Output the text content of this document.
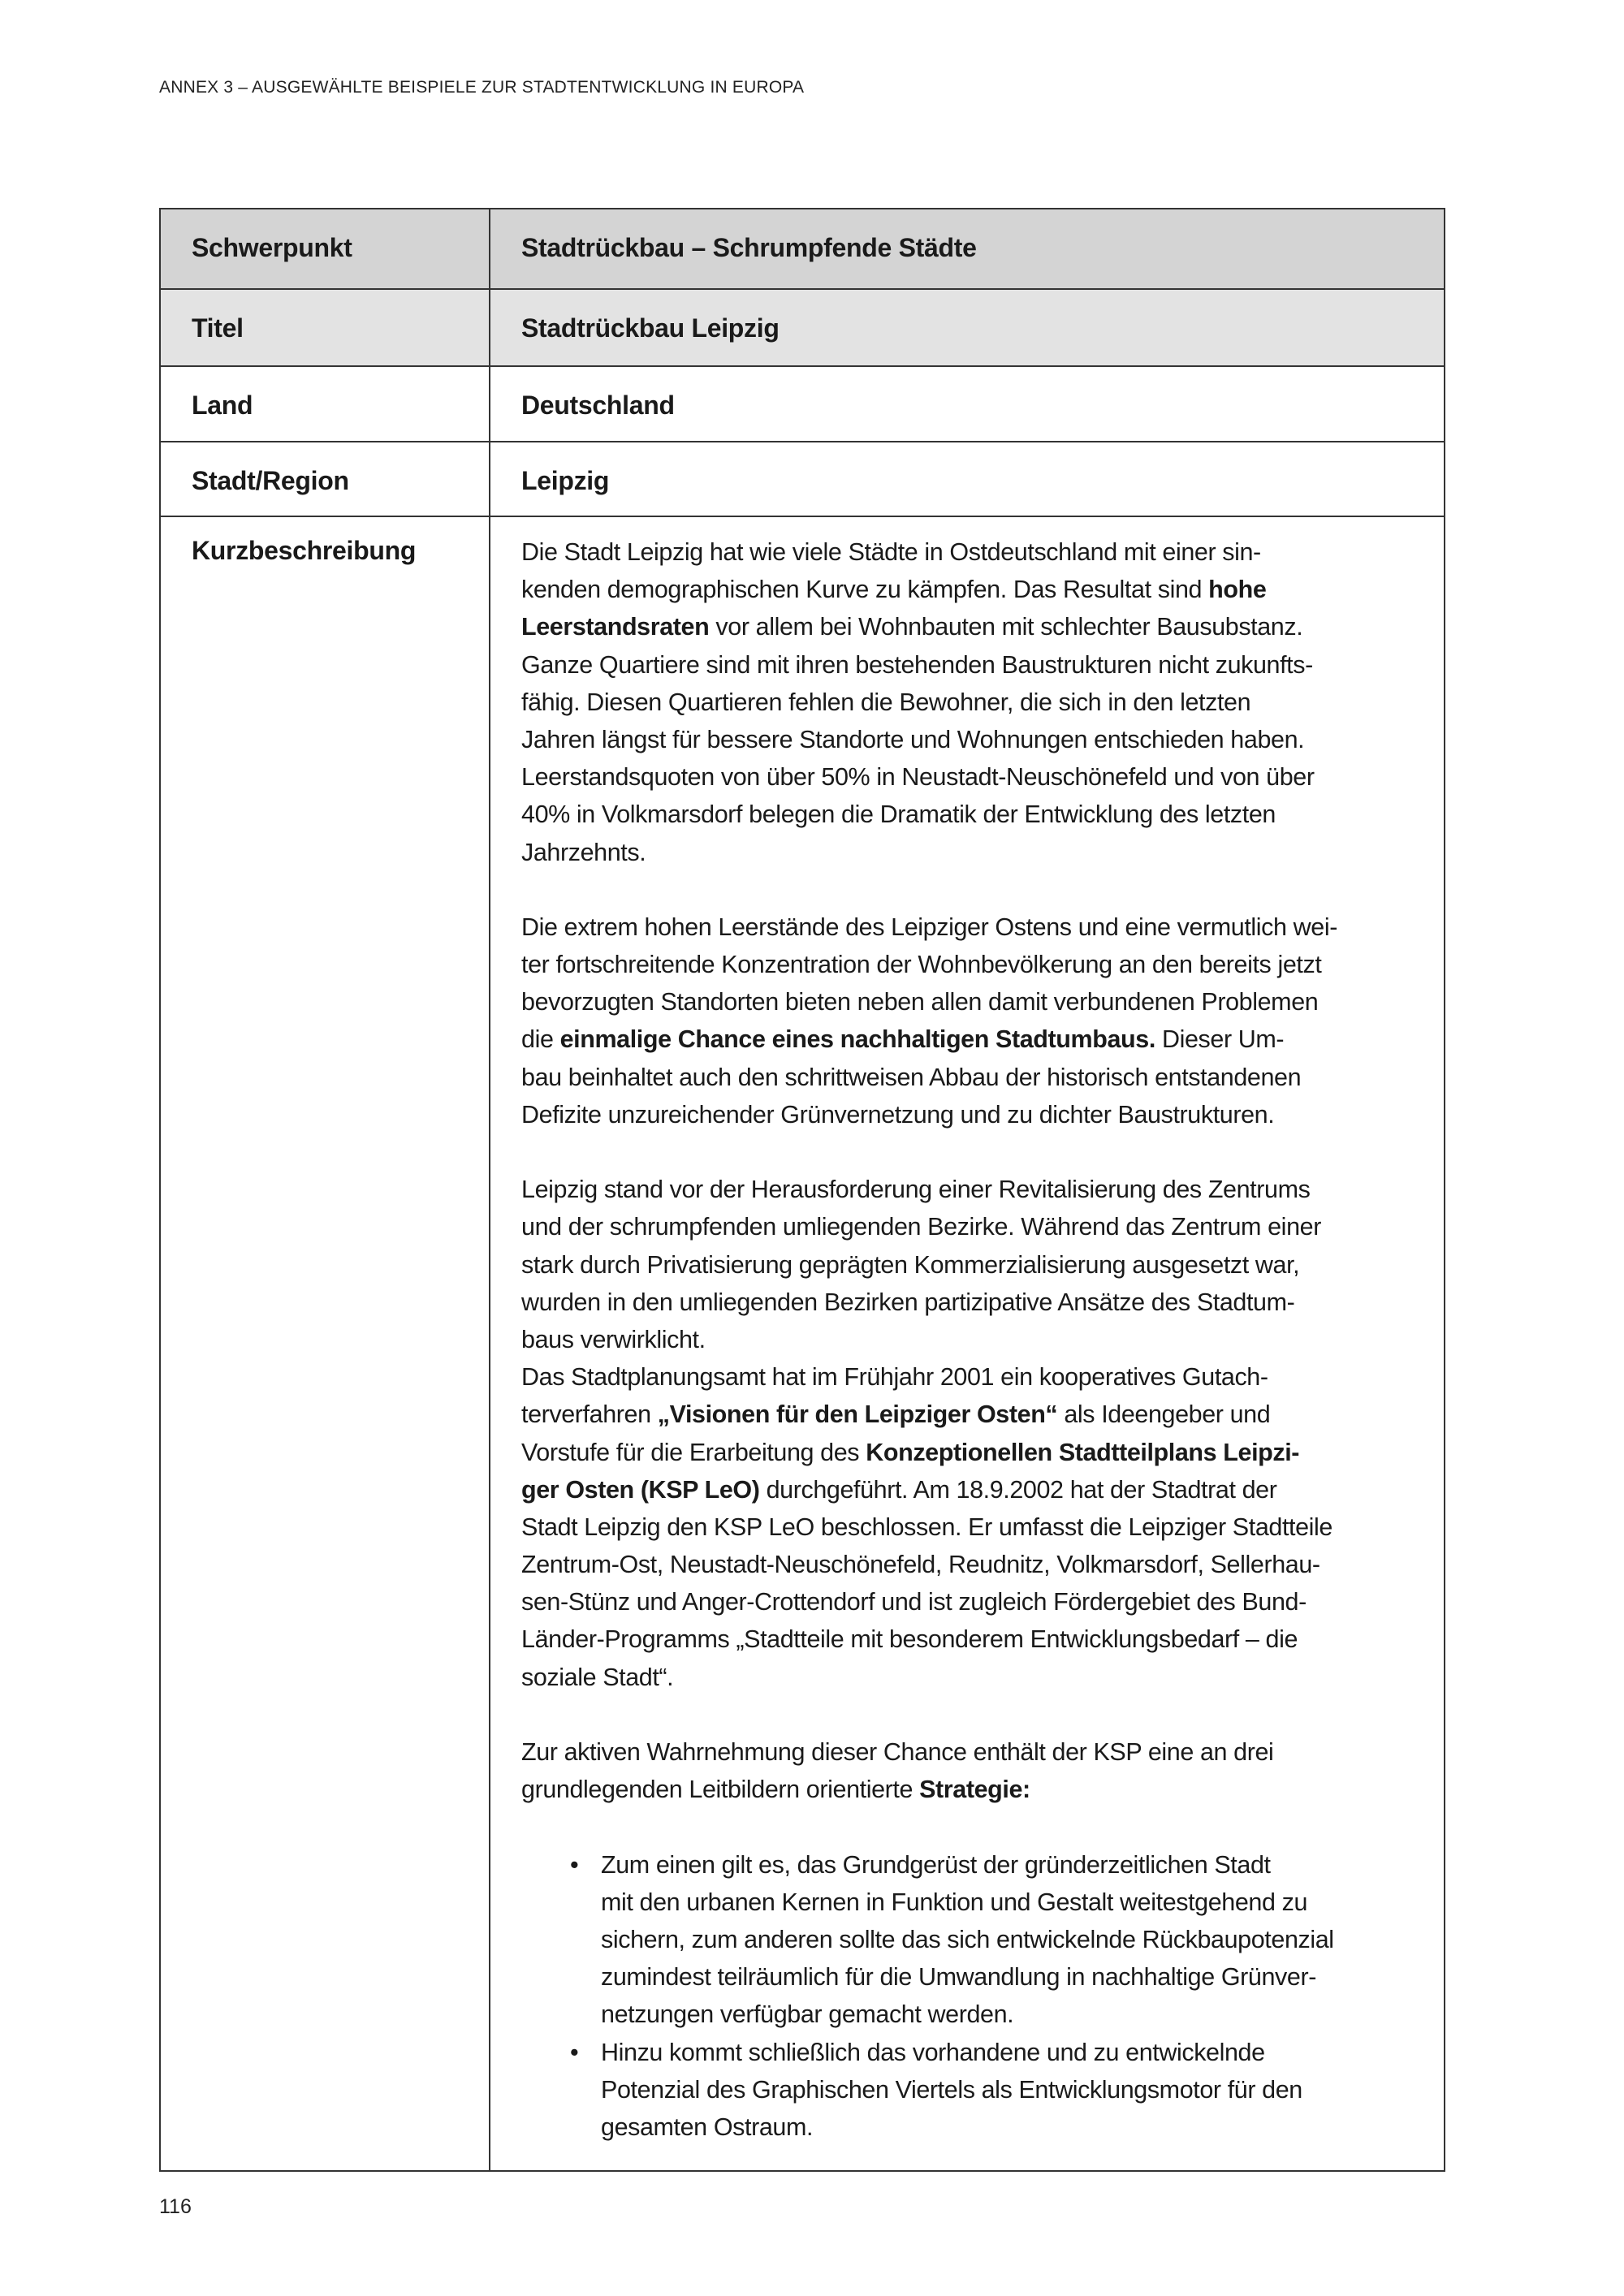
ANNEX 3 – AUSGEWÄHLTE BEISPIELE ZUR STADTENTWICKLUNG IN EUROPA
Schwerpunkt	Stadtrückbau – Schrumpfende Städte
Titel	Stadtrückbau Leipzig
Land	Deutschland
Stadt/Region	Leipzig
Kurzbeschreibung	Die Stadt Leipzig hat wie viele Städte in Ostdeutschland mit einer sin-
kenden demographischen Kurve zu kämpfen. Das Resultat sind hohe
Leerstandsraten vor allem bei Wohnbauten mit schlechter Bausubstanz.
Ganze Quartiere sind mit ihren bestehenden Baustrukturen nicht zukunfts-
fähig. Diesen Quartieren fehlen die Bewohner, die sich in den letzten
Jahren längst für bessere Standorte und Wohnungen entschieden haben.
Leerstandsquoten von über 50% in Neustadt-Neuschönefeld und von über
40% in Volkmarsdorf belegen die Dramatik der Entwicklung des letzten
Jahrzehnts.
Die extrem hohen Leerstände des Leipziger Ostens und eine vermutlich wei-
ter fortschreitende Konzentration der Wohnbevölkerung an den bereits jetzt
bevorzugten Standorten bieten neben allen damit verbundenen Problemen
die einmalige Chance eines nachhaltigen Stadtumbaus. Dieser Um-
bau beinhaltet auch den schrittweisen Abbau der historisch entstandenen
Defizite unzureichender Grünvernetzung und zu dichter Baustrukturen.
Leipzig stand vor der Herausforderung einer Revitalisierung des Zentrums
und der schrumpfenden umliegenden Bezirke. Während das Zentrum einer
stark durch Privatisierung geprägten Kommerzialisierung ausgesetzt war,
wurden in den umliegenden Bezirken partizipative Ansätze des Stadtum-
baus verwirklicht.
Das Stadtplanungsamt hat im Frühjahr 2001 ein kooperatives Gutach-
terverfahren „Visionen für den Leipziger Osten“ als Ideengeber und
Vorstufe für die Erarbeitung des Konzeptionellen Stadtteilplans Leipzi-
ger Osten (KSP LeO) durchgeführt. Am 18.9.2002 hat der Stadtrat der
Stadt Leipzig den KSP LeO beschlossen. Er umfasst die Leipziger Stadtteile
Zentrum-Ost, Neustadt-Neuschönefeld, Reudnitz, Volkmarsdorf, Sellerhau-
sen-Stünz und Anger-Crottendorf und ist zugleich Fördergebiet des Bund-
Länder-Programms „Stadtteile mit besonderem Entwicklungsbedarf – die
soziale Stadt“.
Zur aktiven Wahrnehmung dieser Chance enthält der KSP eine an drei
grundlegenden Leitbildern orientierte Strategie:
• Zum einen gilt es, das Grundgerüst der gründerzeitlichen Stadt
mit den urbanen Kernen in Funktion und Gestalt weitestgehend zu
sichern, zum anderen sollte das sich entwickelnde Rückbaupotenzial
zumindest teilräumlich für die Umwandlung in nachhaltige Grünver-
netzungen verfügbar gemacht werden.
• Hinzu kommt schließlich das vorhandene und zu entwickelnde
Potenzial des Graphischen Viertels als Entwicklungsmotor für den
gesamten Ostraum.
116
